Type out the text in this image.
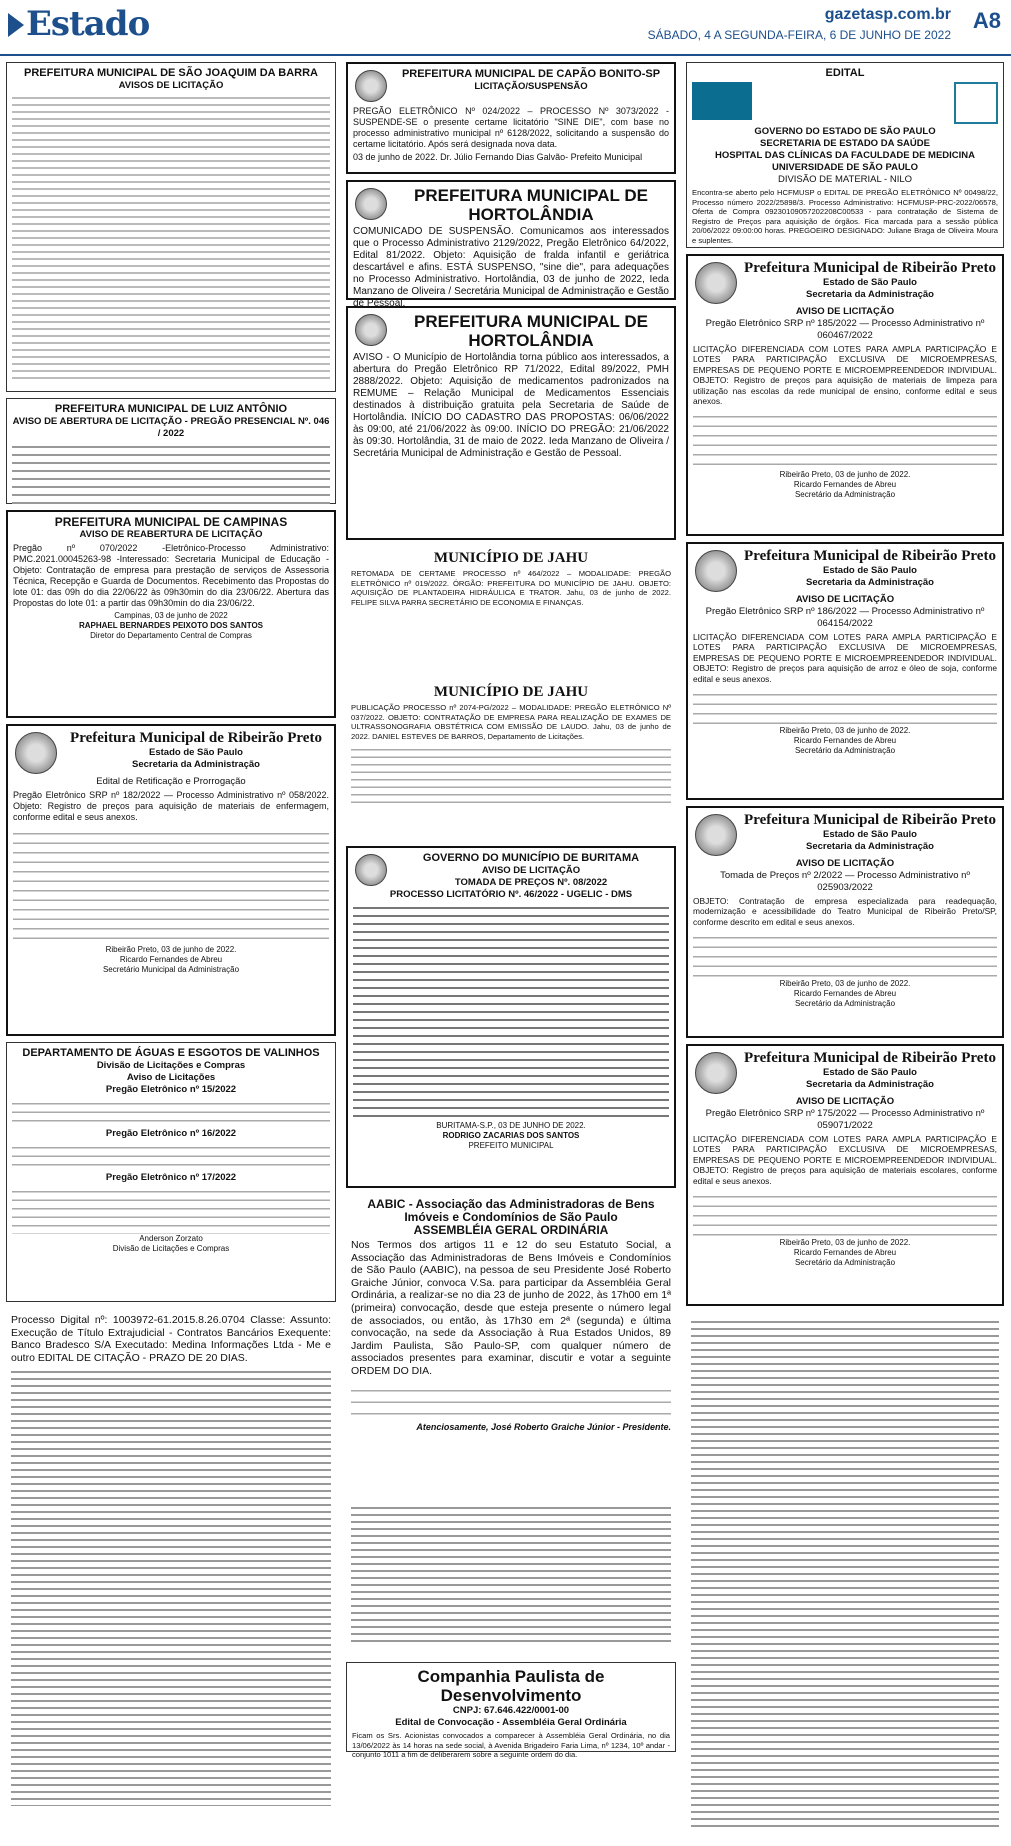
Estado	gazetasp.com.br
SÁBADO, 4 A SEGUNDA-FEIRA, 6 DE JUNHO DE 2022
A8
PREFEITURA MUNICIPAL DE SÃO JOAQUIM DA BARRA
AVISOS DE LICITAÇÃO
PREFEITURA MUNICIPAL DE LUIZ ANTÔNIO
AVISO DE ABERTURA DE LICITAÇÃO - PREGÃO PRESENCIAL Nº. 046 / 2022
PREFEITURA MUNICIPAL DE CAMPINAS
AVISO DE REABERTURA DE LICITAÇÃO
Pregão nº 070/2022 -Eletrônico-Processo Administrativo: PMC.2021.00045263-98 -Interessado: Secretaria Municipal de Educação -Objeto: Contratação de empresa para prestação de serviços de Assessoria Técnica, Recepção e Guarda de Documentos. Recebimento das Propostas do lote 01: das 09h do dia 22/06/22 às 09h30min do dia 23/06/22. Abertura das Propostas do lote 01: a partir das 09h30min do dia 23/06/22.
Campinas, 03 de junho de 2022
RAPHAEL BERNARDES PEIXOTO DOS SANTOS
Diretor do Departamento Central de Compras
Prefeitura Municipal de Ribeirão Preto
Estado de São Paulo
Secretaria da Administração
Edital de Retificação e Prorrogação
Pregão Eletrônico SRP nº 182/2022 — Processo Administrativo nº 058/2022. Objeto: Registro de preços para aquisição de materiais de enfermagem, conforme edital e seus anexos.
Ribeirão Preto, 03 de junho de 2022.
Ricardo Fernandes de Abreu
Secretário Municipal da Administração
DEPARTAMENTO DE ÁGUAS E ESGOTOS DE VALINHOS
Divisão de Licitações e Compras
Aviso de Licitações
Pregão Eletrônico nº 15/2022
Pregão Eletrônico nº 16/2022
Pregão Eletrônico nº 17/2022
Anderson Zorzato
Divisão de Licitações e Compras
Processo Digital nº: 1003972-61.2015.8.26.0704 Classe: Assunto: Execução de Título Extrajudicial - Contratos Bancários Exequente: Banco Bradesco S/A Executado: Medina Informações Ltda - Me e outro EDITAL DE CITAÇÃO - PRAZO DE 20 DIAS.
PREFEITURA MUNICIPAL DE CAPÃO BONITO-SP
LICITAÇÃO/SUSPENSÃO
PREGÃO ELETRÔNICO Nº 024/2022 – PROCESSO Nº 3073/2022 - SUSPENDE-SE o presente certame licitatório "SINE DIE", com base no processo administrativo municipal nº 6128/2022, solicitando a suspensão do certame licitatório. Após será designada nova data.
03 de junho de 2022. Dr. Júlio Fernando Dias Galvão- Prefeito Municipal
PREFEITURA MUNICIPAL DE HORTOLÂNDIA
COMUNICADO DE SUSPENSÃO. Comunicamos aos interessados que o Processo Administrativo 2129/2022, Pregão Eletrônico 64/2022, Edital 81/2022. Objeto: Aquisição de fralda infantil e geriátrica descartável e afins. ESTÁ SUSPENSO, "sine die", para adequações no Processo Administrativo. Hortolândia, 03 de junho de 2022, Ieda Manzano de Oliveira / Secretária Municipal de Administração e Gestão de Pessoal.
PREFEITURA MUNICIPAL DE HORTOLÂNDIA
AVISO - O Município de Hortolândia torna público aos interessados, a abertura do Pregão Eletrônico RP 71/2022, Edital 89/2022, PMH 2888/2022. Objeto: Aquisição de medicamentos padronizados na REMUME – Relação Municipal de Medicamentos Essenciais destinados à distribuição gratuita pela Secretaria de Saúde de Hortolândia. INÍCIO DO CADASTRO DAS PROPOSTAS: 06/06/2022 às 09:00, até 21/06/2022 às 09:00. INÍCIO DO PREGÃO: 21/06/2022 às 09:30. Hortolândia, 31 de maio de 2022. Ieda Manzano de Oliveira / Secretária Municipal de Administração e Gestão de Pessoal.
MUNICÍPIO DE JAHU
RETOMADA DE CERTAME PROCESSO nº 464/2022 – MODALIDADE: PREGÃO ELETRÔNICO nº 019/2022. ÓRGÃO: PREFEITURA DO MUNICÍPIO DE JAHU. OBJETO: AQUISIÇÃO DE PLANTADEIRA HIDRÁULICA E TRATOR. Jahu, 03 de junho de 2022. FELIPE SILVA PARRA SECRETÁRIO DE ECONOMIA E FINANÇAS.
MUNICÍPIO DE JAHU
PUBLICAÇÃO PROCESSO nº 2074-PG/2022 – MODALIDADE: PREGÃO ELETRÔNICO Nº 037/2022. OBJETO: CONTRATAÇÃO DE EMPRESA PARA REALIZAÇÃO DE EXAMES DE ULTRASSONOGRAFIA OBSTÉTRICA COM EMISSÃO DE LAUDO. Jahu, 03 de junho de 2022. DANIEL ESTEVES DE BARROS, Departamento de Licitações.
GOVERNO DO MUNICÍPIO DE BURITAMA
AVISO DE LICITAÇÃO
TOMADA DE PREÇOS Nº. 08/2022
PROCESSO LICITATÓRIO Nº. 46/2022 - UGELIC - DMS
BURITAMA-S.P., 03 DE JUNHO DE 2022.
RODRIGO ZACARIAS DOS SANTOS
PREFEITO MUNICIPAL
AABIC - Associação das Administradoras de Bens Imóveis e Condomínios de São Paulo
ASSEMBLÉIA GERAL ORDINÁRIA
Nos Termos dos artigos 11 e 12 do seu Estatuto Social, a Associação das Administradoras de Bens Imóveis e Condomínios de São Paulo (AABIC), na pessoa de seu Presidente José Roberto Graiche Júnior, convoca V.Sa. para participar da Assembléia Geral Ordinária, a realizar-se no dia 23 de junho de 2022, às 17h00 em 1ª (primeira) convocação, desde que esteja presente o número legal de associados, ou então, às 17h30 em 2ª (segunda) e última convocação, na sede da Associação à Rua Estados Unidos, 89 Jardim Paulista, São Paulo-SP, com qualquer número de associados presentes para examinar, discutir e votar a seguinte ORDEM DO DIA.
Atenciosamente, José Roberto Graiche Júnior - Presidente.
Companhia Paulista de Desenvolvimento
CNPJ: 67.646.422/0001-00
Edital de Convocação - Assembléia Geral Ordinária
Ficam os Srs. Acionistas convocados a comparecer à Assembléia Geral Ordinária, no dia 13/06/2022 às 14 horas na sede social, à Avenida Brigadeiro Faria Lima, nº 1234, 10º andar - conjunto 1011 a fim de deliberarem sobre a seguinte ordem do dia.
EDITAL
GOVERNO DO ESTADO DE SÃO PAULO
SECRETARIA DE ESTADO DA SAÚDE
HOSPITAL DAS CLÍNICAS DA FACULDADE DE MEDICINA
UNIVERSIDADE DE SÃO PAULO
DIVISÃO DE MATERIAL - NILO
Encontra-se aberto pelo HCFMUSP o EDITAL DE PREGÃO ELETRÔNICO Nº 00498/22, Processo número 2022/25898/3. Processo Administrativo: HCFMUSP-PRC-2022/06578, Oferta de Compra 09230109057202208C00533 - para contratação de Sistema de Registro de Preços para aquisição de órgãos. Fica marcada para a sessão pública 20/06/2022 09:00:00 horas. PREGOEIRO DESIGNADO: Juliane Braga de Oliveira Moura e suplentes.
Prefeitura Municipal de Ribeirão Preto
Estado de São Paulo
Secretaria da Administração
AVISO DE LICITAÇÃO
Pregão Eletrônico SRP nº 185/2022 — Processo Administrativo nº 060467/2022
LICITAÇÃO DIFERENCIADA COM LOTES PARA AMPLA PARTICIPAÇÃO E LOTES PARA PARTICIPAÇÃO EXCLUSIVA DE MICROEMPRESAS, EMPRESAS DE PEQUENO PORTE E MICROEMPREENDEDOR INDIVIDUAL. OBJETO: Registro de preços para aquisição de materiais de limpeza para utilização nas escolas da rede municipal de ensino, conforme edital e seus anexos.
Ribeirão Preto, 03 de junho de 2022.
Ricardo Fernandes de Abreu
Secretário da Administração
Prefeitura Municipal de Ribeirão Preto
Estado de São Paulo
Secretaria da Administração
AVISO DE LICITAÇÃO
Pregão Eletrônico SRP nº 186/2022 — Processo Administrativo nº 064154/2022
LICITAÇÃO DIFERENCIADA COM LOTES PARA AMPLA PARTICIPAÇÃO E LOTES PARA PARTICIPAÇÃO EXCLUSIVA DE MICROEMPRESAS, EMPRESAS DE PEQUENO PORTE E MICROEMPREENDEDOR INDIVIDUAL. OBJETO: Registro de preços para aquisição de arroz e óleo de soja, conforme edital e seus anexos.
Ribeirão Preto, 03 de junho de 2022.
Ricardo Fernandes de Abreu
Secretário da Administração
Prefeitura Municipal de Ribeirão Preto
Estado de São Paulo
Secretaria da Administração
AVISO DE LICITAÇÃO
Tomada de Preços nº 2/2022 — Processo Administrativo nº 025903/2022
OBJETO: Contratação de empresa especializada para readequação, modernização e acessibilidade do Teatro Municipal de Ribeirão Preto/SP, conforme descrito em edital e seus anexos.
Ribeirão Preto, 03 de junho de 2022.
Ricardo Fernandes de Abreu
Secretário da Administração
Prefeitura Municipal de Ribeirão Preto
Estado de São Paulo
Secretaria da Administração
AVISO DE LICITAÇÃO
Pregão Eletrônico SRP nº 175/2022 — Processo Administrativo nº 059071/2022
LICITAÇÃO DIFERENCIADA COM LOTES PARA AMPLA PARTICIPAÇÃO E LOTES PARA PARTICIPAÇÃO EXCLUSIVA DE MICROEMPRESAS, EMPRESAS DE PEQUENO PORTE E MICROEMPREENDEDOR INDIVIDUAL. OBJETO: Registro de preços para aquisição de materiais escolares, conforme edital e seus anexos.
Ribeirão Preto, 03 de junho de 2022.
Ricardo Fernandes de Abreu
Secretário da Administração
